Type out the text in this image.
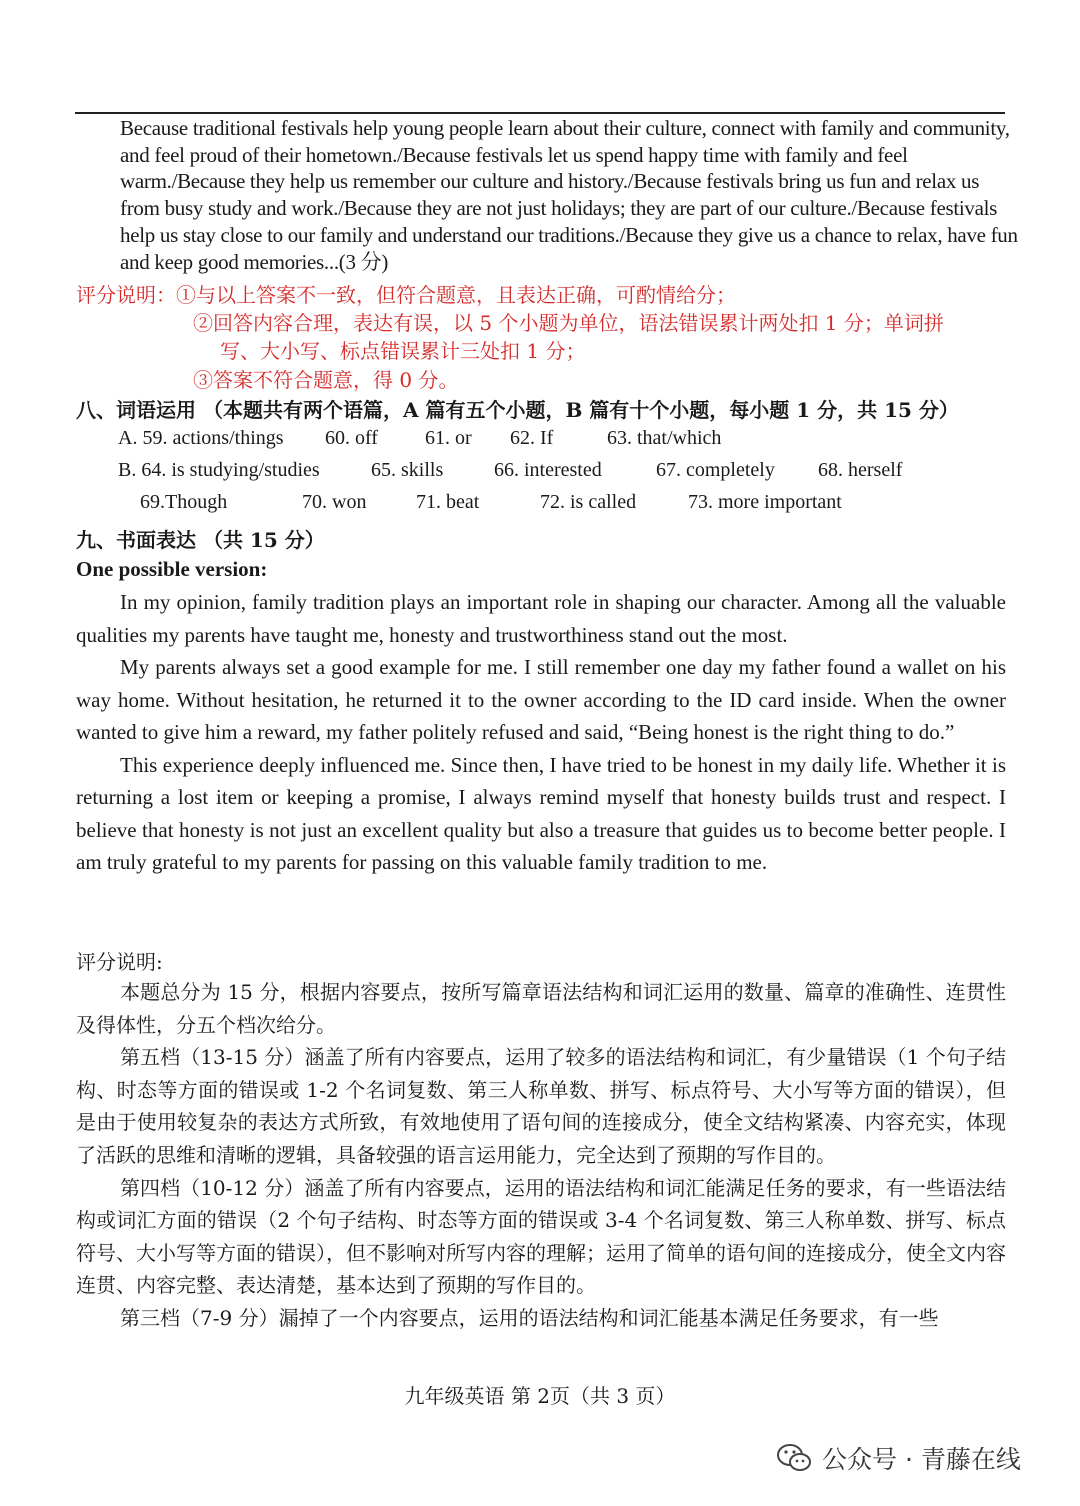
Because traditional festivals help young people learn about their culture, connect with family and community, and feel proud of their hometown./Because festivals let us spend happy time with family and feel warm./Because they help us remember our culture and history./Because festivals bring us fun and relax us from busy study and work./Because they are not just holidays; they are part of our culture./Because festivals help us stay close to our family and understand our traditions./Because they give us a chance to relax, have fun and keep good memories...(3 分)
评分说明：①与以上答案不一致，但符合题意，且表达正确，可酌情给分；
②回答内容合理，表达有误，以 5 个小题为单位，语法错误累计两处扣 1 分；单词拼
写、大小写、标点错误累计三处扣 1 分；
③答案不符合题意，得 0 分。
八、词语运用 （本题共有两个语篇，A 篇有五个小题，B 篇有十个小题，每小题 1 分，共 15 分）
A. 59. actions/things 60. off 61. or 62. If	63. that/which
B. 64. is studying/studies	65. skills	66. interested	67. completely 68. herself
69.Though	70. won 71. beat	72. is called	73. more important
九、书面表达 （共 15 分）
One possible version:

In my opinion, family tradition plays an important role in shaping our character. Among all the valuable qualities my parents have taught me, honesty and trustworthiness stand out the most.

My parents always set a good example for me. I still remember one day my father found a wallet on his way home. Without hesitation, he returned it to the owner according to the ID card inside. When the owner wanted to give him a reward, my father politely refused and said, “Being honest is the right thing to do.”

This experience deeply influenced me. Since then, I have tried to be honest in my daily life. Whether it is returning a lost item or keeping a promise, I always remind myself that honesty builds trust and respect. I believe that honesty is not just an excellent quality but also a treasure that guides us to become better people. I am truly grateful to my parents for passing on this valuable family tradition to me.

评分说明:

本题总分为 15 分，根据内容要点，按所写篇章语法结构和词汇运用的数量、篇章的准确性、连贯性及得体性，分五个档次给分。

第五档（13-15 分）涵盖了所有内容要点，运用了较多的语法结构和词汇，有少量错误（1 个句子结构、时态等方面的错误或 1-2 个名词复数、第三人称单数、拼写、标点符号、大小写等方面的错误），但是由于使用较复杂的表达方式所致，有效地使用了语句间的连接成分，使全文结构紧凑、内容充实，体现了活跃的思维和清晰的逻辑，具备较强的语言运用能力，完全达到了预期的写作目的。

第四档（10-12 分）涵盖了所有内容要点，运用的语法结构和词汇能满足任务的要求，有一些语法结构或词汇方面的错误（2 个句子结构、时态等方面的错误或 3-4 个名词复数、第三人称单数、拼写、标点符号、大小写等方面的错误），但不影响对所写内容的理解；运用了简单的语句间的连接成分，使全文内容连贯、内容完整、表达清楚，基本达到了预期的写作目的。

第三档（7-9 分）漏掉了一个内容要点，运用的语法结构和词汇能基本满足任务要求，有一些

九年级英语 第 2页（共 3 页）
公众号 · 青藤在线
